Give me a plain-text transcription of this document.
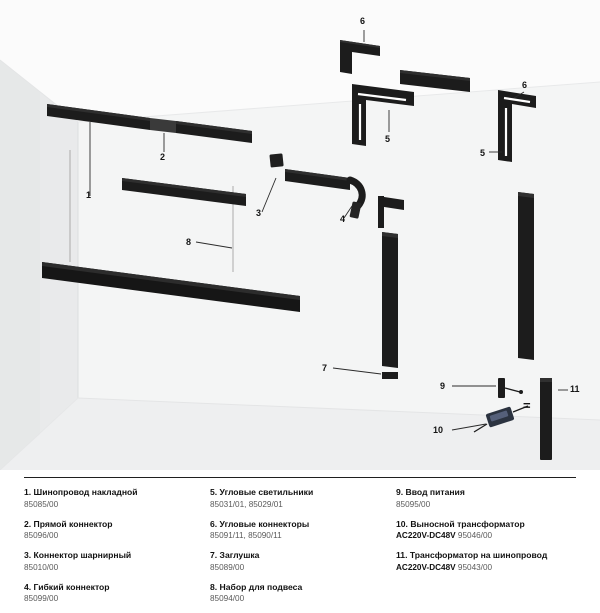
1
2
3
4
5
5
6
6
7
8
9
10
11
=
1. Шинопровод накладной
85085/00
2. Прямой коннектор
85096/00
3. Коннектор шарнирный
85010/00
4. Гибкий коннектор
85099/00
5. Угловые светильники
85031/01, 85029/01
6. Угловые коннекторы
85091/11, 85090/11
7. Заглушка
85089/00
8. Набор для подвеса
85094/00
9. Ввод питания
85095/00
10. Выносной трансформатор
AC220V-DC48V 95046/00
11. Трансформатор на шинопровод
AC220V-DC48V 95043/00
